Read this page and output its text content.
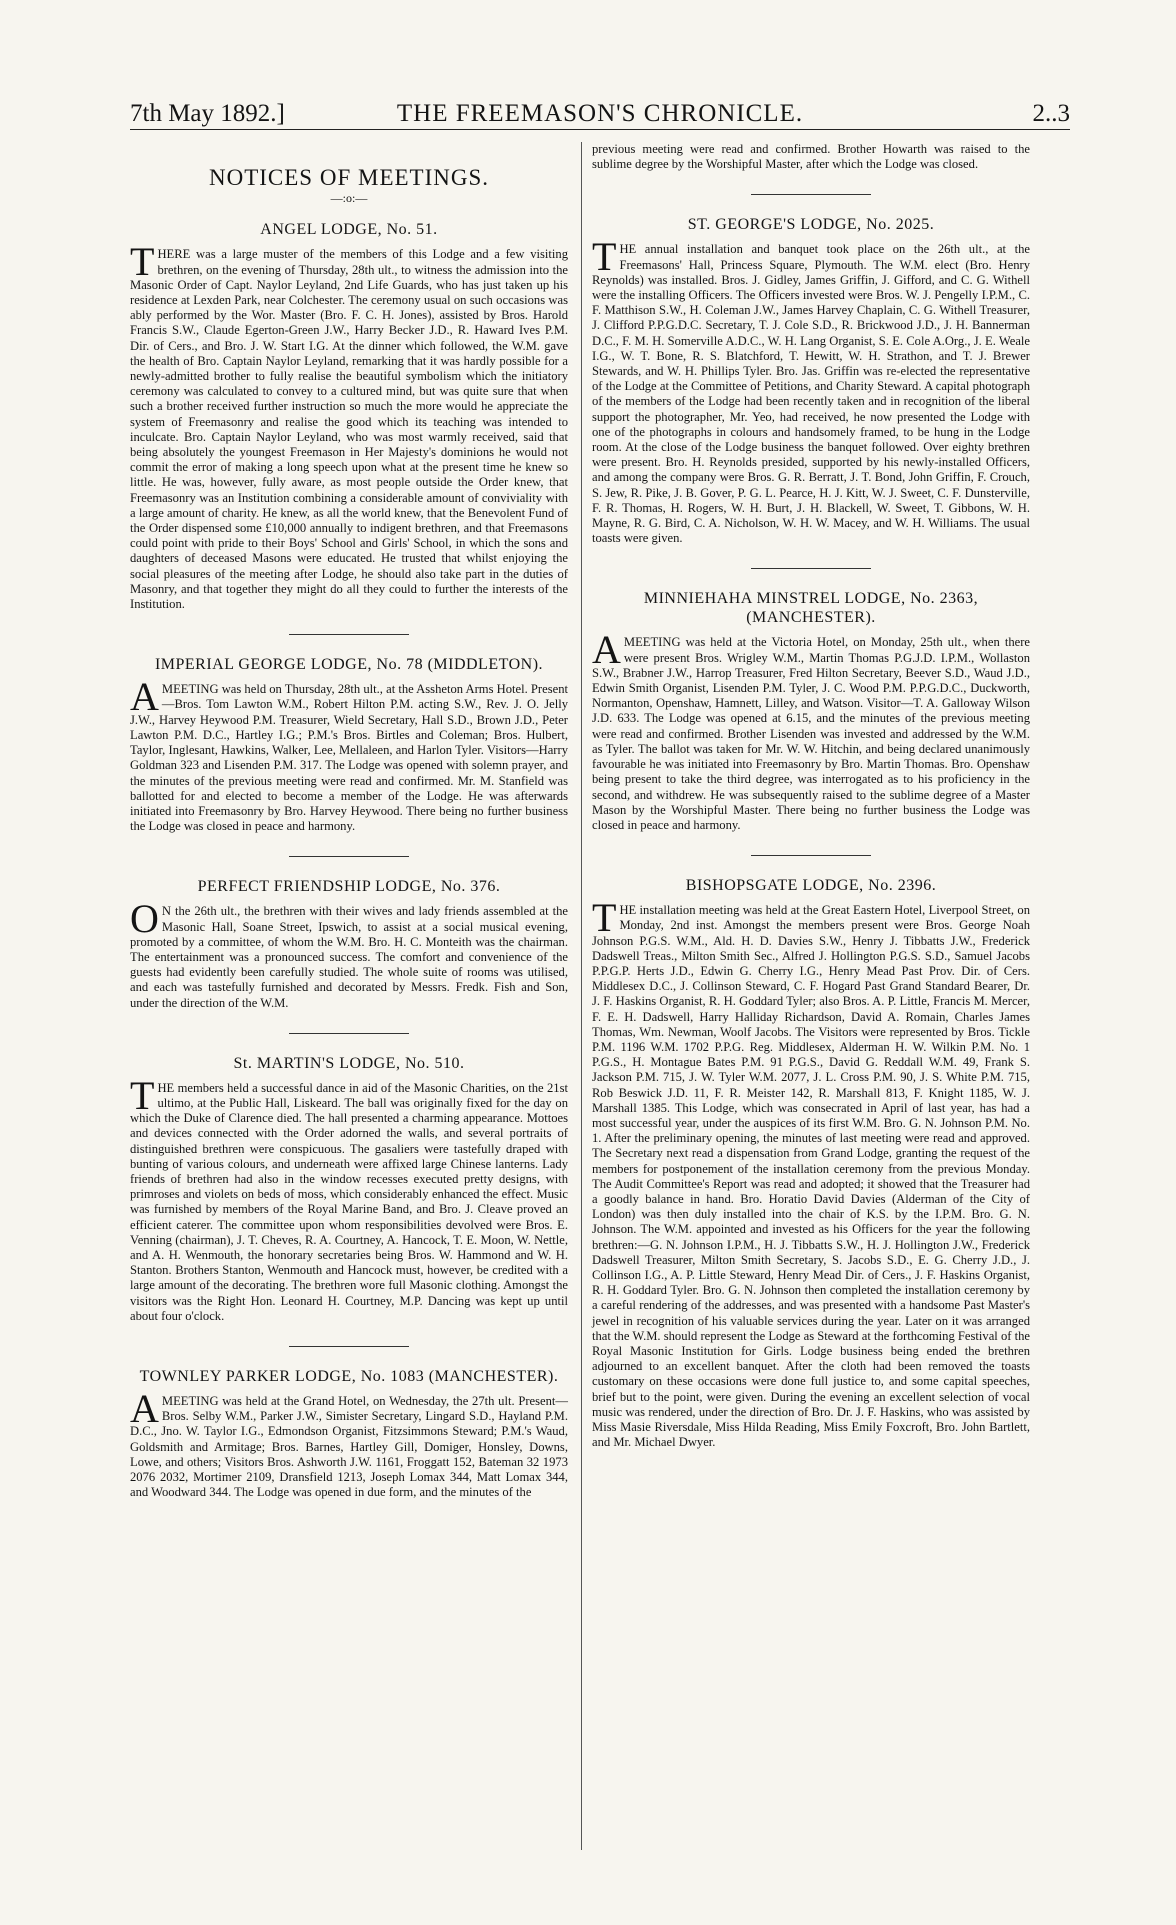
7th May 1892.]	THE FREEMASON'S CHRONICLE.	2..3
NOTICES OF MEETINGS.
—:o:—
ANGEL LODGE, No. 51.

THERE was a large muster of the members of this Lodge and a few visiting brethren, on the evening of Thursday, 28th ult., to witness the admission into the Masonic Order of Capt. Naylor Leyland, 2nd Life Guards, who has just taken up his residence at Lexden Park, near Colchester. The ceremony usual on such occasions was ably performed by the Wor. Master (Bro. F. C. H. Jones), assisted by Bros. Harold Francis S.W., Claude Egerton-Green J.W., Harry Becker J.D., R. Haward Ives P.M. Dir. of Cers., and Bro. J. W. Start I.G. At the dinner which followed, the W.M. gave the health of Bro. Captain Naylor Leyland, remarking that it was hardly possible for a newly-admitted brother to fully realise the beautiful symbolism which the initiatory ceremony was calculated to convey to a cultured mind, but was quite sure that when such a brother received further instruction so much the more would he appreciate the system of Freemasonry and realise the good which its teaching was intended to inculcate. Bro. Captain Naylor Leyland, who was most warmly received, said that being absolutely the youngest Freemason in Her Majesty's dominions he would not commit the error of making a long speech upon what at the present time he knew so little. He was, however, fully aware, as most people outside the Order knew, that Freemasonry was an Institution combining a considerable amount of conviviality with a large amount of charity. He knew, as all the world knew, that the Benevolent Fund of the Order dispensed some £10,000 annually to indigent brethren, and that Freemasons could point with pride to their Boys' School and Girls' School, in which the sons and daughters of deceased Masons were educated. He trusted that whilst enjoying the social pleasures of the meeting after Lodge, he should also take part in the duties of Masonry, and that together they might do all they could to further the interests of the Institution.

IMPERIAL GEORGE LODGE, No. 78 (MIDDLETON).

AMEETING was held on Thursday, 28th ult., at the Assheton Arms Hotel. Present—Bros. Tom Lawton W.M., Robert Hilton P.M. acting S.W., Rev. J. O. Jelly J.W., Harvey Heywood P.M. Treasurer, Wield Secretary, Hall S.D., Brown J.D., Peter Lawton P.M. D.C., Hartley I.G.; P.M.'s Bros. Birtles and Coleman; Bros. Hulbert, Taylor, Inglesant, Hawkins, Walker, Lee, Mellaleen, and Harlon Tyler. Visitors—Harry Goldman 323 and Lisenden P.M. 317. The Lodge was opened with solemn prayer, and the minutes of the previous meeting were read and confirmed. Mr. M. Stanfield was ballotted for and elected to become a member of the Lodge. He was afterwards initiated into Freemasonry by Bro. Harvey Heywood. There being no further business the Lodge was closed in peace and harmony.

PERFECT FRIENDSHIP LODGE, No. 376.

ON the 26th ult., the brethren with their wives and lady friends assembled at the Masonic Hall, Soane Street, Ipswich, to assist at a social musical evening, promoted by a committee, of whom the W.M. Bro. H. C. Monteith was the chairman. The entertainment was a pronounced success. The comfort and convenience of the guests had evidently been carefully studied. The whole suite of rooms was utilised, and each was tastefully furnished and decorated by Messrs. Fredk. Fish and Son, under the direction of the W.M.

St. MARTIN'S LODGE, No. 510.

THE members held a successful dance in aid of the Masonic Charities, on the 21st ultimo, at the Public Hall, Liskeard. The ball was originally fixed for the day on which the Duke of Clarence died. The hall presented a charming appearance. Mottoes and devices connected with the Order adorned the walls, and several portraits of distinguished brethren were conspicuous. The gasaliers were tastefully draped with bunting of various colours, and underneath were affixed large Chinese lanterns. Lady friends of brethren had also in the window recesses executed pretty designs, with primroses and violets on beds of moss, which considerably enhanced the effect. Music was furnished by members of the Royal Marine Band, and Bro. J. Cleave proved an efficient caterer. The committee upon whom responsibilities devolved were Bros. E. Venning (chairman), J. T. Cheves, R. A. Courtney, A. Hancock, T. E. Moon, W. Nettle, and A. H. Wenmouth, the honorary secretaries being Bros. W. Hammond and W. H. Stanton. Brothers Stanton, Wenmouth and Hancock must, however, be credited with a large amount of the decorating. The brethren wore full Masonic clothing. Amongst the visitors was the Right Hon. Leonard H. Courtney, M.P. Dancing was kept up until about four o'clock.

TOWNLEY PARKER LODGE, No. 1083 (MANCHESTER).

AMEETING was held at the Grand Hotel, on Wednesday, the 27th ult. Present—Bros. Selby W.M., Parker J.W., Simister Secretary, Lingard S.D., Hayland P.M. D.C., Jno. W. Taylor I.G., Edmondson Organist, Fitzsimmons Steward; P.M.'s Waud, Goldsmith and Armitage; Bros. Barnes, Hartley Gill, Domiger, Honsley, Downs, Lowe, and others; Visitors Bros. Ashworth J.W. 1161, Froggatt 152, Bateman 32 1973 2076 2032, Mortimer 2109, Dransfield 1213, Joseph Lomax 344, Matt Lomax 344, and Woodward 344. The Lodge was opened in due form, and the minutes of the

previous meeting were read and confirmed. Brother Howarth was raised to the sublime degree by the Worshipful Master, after which the Lodge was closed.

ST. GEORGE'S LODGE, No. 2025.

THE annual installation and banquet took place on the 26th ult., at the Freemasons' Hall, Princess Square, Plymouth. The W.M. elect (Bro. Henry Reynolds) was installed. Bros. J. Gidley, James Griffin, J. Gifford, and C. G. Withell were the installing Officers. The Officers invested were Bros. W. J. Pengelly I.P.M., C. F. Matthison S.W., H. Coleman J.W., James Harvey Chaplain, C. G. Withell Treasurer, J. Clifford P.P.G.D.C. Secretary, T. J. Cole S.D., R. Brickwood J.D., J. H. Bannerman D.C., F. M. H. Somerville A.D.C., W. H. Lang Organist, S. E. Cole A.Org., J. E. Weale I.G., W. T. Bone, R. S. Blatchford, T. Hewitt, W. H. Strathon, and T. J. Brewer Stewards, and W. H. Phillips Tyler. Bro. Jas. Griffin was re-elected the representative of the Lodge at the Committee of Petitions, and Charity Steward. A capital photograph of the members of the Lodge had been recently taken and in recognition of the liberal support the photographer, Mr. Yeo, had received, he now presented the Lodge with one of the photographs in colours and handsomely framed, to be hung in the Lodge room. At the close of the Lodge business the banquet followed. Over eighty brethren were present. Bro. H. Reynolds presided, supported by his newly-installed Officers, and among the company were Bros. G. R. Berratt, J. T. Bond, John Griffin, F. Crouch, S. Jew, R. Pike, J. B. Gover, P. G. L. Pearce, H. J. Kitt, W. J. Sweet, C. F. Dunsterville, F. R. Thomas, H. Rogers, W. H. Burt, J. H. Blackell, W. Sweet, T. Gibbons, W. H. Mayne, R. G. Bird, C. A. Nicholson, W. H. W. Macey, and W. H. Williams. The usual toasts were given.

MINNIEHAHA MINSTREL LODGE, No. 2363, (MANCHESTER).

AMEETING was held at the Victoria Hotel, on Monday, 25th ult., when there were present Bros. Wrigley W.M., Martin Thomas P.G.J.D. I.P.M., Wollaston S.W., Brabner J.W., Harrop Treasurer, Fred Hilton Secretary, Beever S.D., Waud J.D., Edwin Smith Organist, Lisenden P.M. Tyler, J. C. Wood P.M. P.P.G.D.C., Duckworth, Normanton, Openshaw, Hamnett, Lilley, and Watson. Visitor—T. A. Galloway Wilson J.D. 633. The Lodge was opened at 6.15, and the minutes of the previous meeting were read and confirmed. Brother Lisenden was invested and addressed by the W.M. as Tyler. The ballot was taken for Mr. W. W. Hitchin, and being declared unanimously favourable he was initiated into Freemasonry by Bro. Martin Thomas. Bro. Openshaw being present to take the third degree, was interrogated as to his proficiency in the second, and withdrew. He was subsequently raised to the sublime degree of a Master Mason by the Worshipful Master. There being no further business the Lodge was closed in peace and harmony.

BISHOPSGATE LODGE, No. 2396.

THE installation meeting was held at the Great Eastern Hotel, Liverpool Street, on Monday, 2nd inst. Amongst the members present were Bros. George Noah Johnson P.G.S. W.M., Ald. H. D. Davies S.W., Henry J. Tibbatts J.W., Frederick Dadswell Treas., Milton Smith Sec., Alfred J. Hollington P.G.S. S.D., Samuel Jacobs P.P.G.P. Herts J.D., Edwin G. Cherry I.G., Henry Mead Past Prov. Dir. of Cers. Middlesex D.C., J. Collinson Steward, C. F. Hogard Past Grand Standard Bearer, Dr. J. F. Haskins Organist, R. H. Goddard Tyler; also Bros. A. P. Little, Francis M. Mercer, F. E. H. Dadswell, Harry Halliday Richardson, David A. Romain, Charles James Thomas, Wm. Newman, Woolf Jacobs. The Visitors were represented by Bros. Tickle P.M. 1196 W.M. 1702 P.P.G. Reg. Middlesex, Alderman H. W. Wilkin P.M. No. 1 P.G.S., H. Montague Bates P.M. 91 P.G.S., David G. Reddall W.M. 49, Frank S. Jackson P.M. 715, J. W. Tyler W.M. 2077, J. L. Cross P.M. 90, J. S. White P.M. 715, Rob Beswick J.D. 11, F. R. Meister 142, R. Marshall 813, F. Knight 1185, W. J. Marshall 1385. This Lodge, which was consecrated in April of last year, has had a most successful year, under the auspices of its first W.M. Bro. G. N. Johnson P.M. No. 1. After the preliminary opening, the minutes of last meeting were read and approved. The Secretary next read a dispensation from Grand Lodge, granting the request of the members for postponement of the installation ceremony from the previous Monday. The Audit Committee's Report was read and adopted; it showed that the Treasurer had a goodly balance in hand. Bro. Horatio David Davies (Alderman of the City of London) was then duly installed into the chair of K.S. by the I.P.M. Bro. G. N. Johnson. The W.M. appointed and invested as his Officers for the year the following brethren:—G. N. Johnson I.P.M., H. J. Tibbatts S.W., H. J. Hollington J.W., Frederick Dadswell Treasurer, Milton Smith Secretary, S. Jacobs S.D., E. G. Cherry J.D., J. Collinson I.G., A. P. Little Steward, Henry Mead Dir. of Cers., J. F. Haskins Organist, R. H. Goddard Tyler. Bro. G. N. Johnson then completed the installation ceremony by a careful rendering of the addresses, and was presented with a handsome Past Master's jewel in recognition of his valuable services during the year. Later on it was arranged that the W.M. should represent the Lodge as Steward at the forthcoming Festival of the Royal Masonic Institution for Girls. Lodge business being ended the brethren adjourned to an excellent banquet. After the cloth had been removed the toasts customary on these occasions were done full justice to, and some capital speeches, brief but to the point, were given. During the evening an excellent selection of vocal music was rendered, under the direction of Bro. Dr. J. F. Haskins, who was assisted by Miss Masie Riversdale, Miss Hilda Reading, Miss Emily Foxcroft, Bro. John Bartlett, and Mr. Michael Dwyer.
